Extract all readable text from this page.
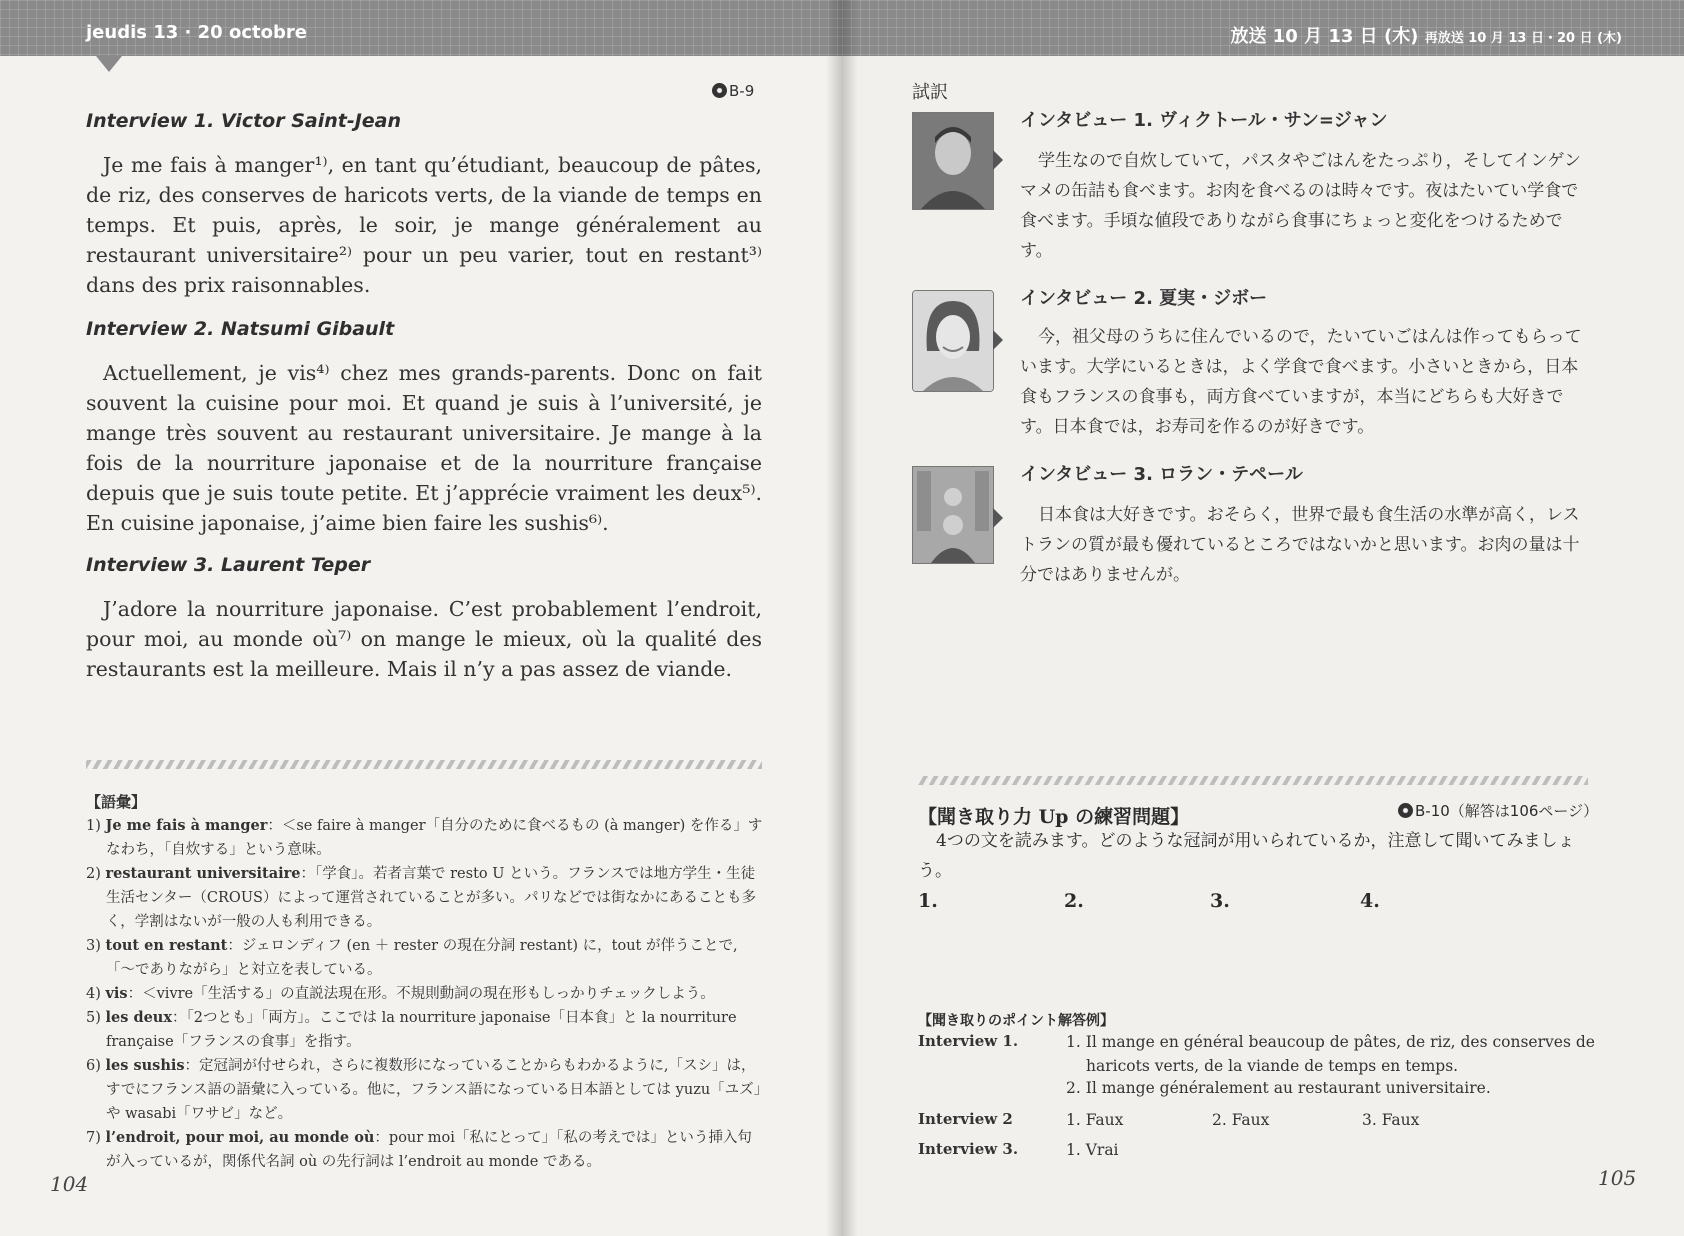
jeudis 13 · 20 octobre
B-9
Interview 1. Victor Saint-Jean
Je me fais à manger¹⁾, en tant qu’étudiant, beaucoup de pâtes, de riz, des conserves de haricots verts, de la viande de temps en temps. Et puis, après, le soir, je mange généralement au restaurant universitaire²⁾ pour un peu varier, tout en restant³⁾ dans des prix raisonnables.
Interview 2. Natsumi Gibault
Actuellement, je vis⁴⁾ chez mes grands-parents. Donc on fait souvent la cuisine pour moi. Et quand je suis à l’université, je mange très souvent au restaurant universitaire. Je mange à la fois de la nourriture japonaise et de la nourriture française depuis que je suis toute petite. Et j’apprécie vraiment les deux⁵⁾. En cuisine japonaise, j’aime bien faire les sushis⁶⁾.
Interview 3. Laurent Teper
J’adore la nourriture japonaise. C’est probablement l’endroit, pour moi, au monde où⁷⁾ on mange le mieux, où la qualité des restaurants est la meilleure. Mais il n’y a pas assez de viande.
【語彙】
1) Je me fais à manger：＜se faire à manger「自分のために食べるもの (à manger) を作る」すなわち，「自炊する」という意味。
2) restaurant universitaire：「学食」。若者言葉で resto U という。フランスでは地方学生・生徒生活センター（CROUS）によって運営されていることが多い。パリなどでは街なかにあることも多く，学割はないが一般の人も利用できる。
3) tout en restant：ジェロンディフ (en ＋ rester の現在分詞 restant) に，tout が伴うことで,「〜でありながら」と対立を表している。
4) vis：＜vivre「生活する」の直説法現在形。不規則動詞の現在形もしっかりチェックしよう。
5) les deux：「2つとも」「両方」。ここでは la nourriture japonaise「日本食」と la nourriture française「フランスの食事」を指す。
6) les sushis：定冠詞が付せられ，さらに複数形になっていることからもわかるように,「スシ」は，すでにフランス語の語彙に入っている。他に，フランス語になっている日本語としては yuzu「ユズ」や wasabi「ワサビ」など。
7) l’endroit, pour moi, au monde où：pour moi「私にとって」「私の考えでは」という挿入句が入っているが，関係代名詞 où の先行詞は l’endroit au monde である。
104
放送 10 月 13 日 (木) 再放送 10 月 13 日・20 日 (木)
試訳
インタビュー 1. ヴィクトール・サン=ジャン
学生なので自炊していて，パスタやごはんをたっぷり，そしてインゲンマメの缶詰も食べます。お肉を食べるのは時々です。夜はたいてい学食で食べます。手頃な値段でありながら食事にちょっと変化をつけるためです。
インタビュー 2. 夏実・ジボー
今，祖父母のうちに住んでいるので，たいていごはんは作ってもらっています。大学にいるときは，よく学食で食べます。小さいときから，日本食もフランスの食事も，両方食べていますが，本当にどちらも大好きです。日本食では，お寿司を作るのが好きです。
インタビュー 3. ロラン・テペール
日本食は大好きです。おそらく，世界で最も食生活の水準が高く，レストランの質が最も優れているところではないかと思います。お肉の量は十分ではありませんが。
【聞き取り力 Up の練習問題】	B-10（解答は106ページ）
4つの文を読みます。どのような冠詞が用いられているか，注意して聞いてみましょう。
1.	2.	3.	4.
【聞き取りのポイント解答例】
Interview 1.	1. Il mange en général beaucoup de pâtes, de riz, des conserves de haricots verts, de la viande de temps en temps.
2. Il mange généralement au restaurant universitaire.
Interview 2	1. Faux	2. Faux	3. Faux
Interview 3.	1. Vrai
105
